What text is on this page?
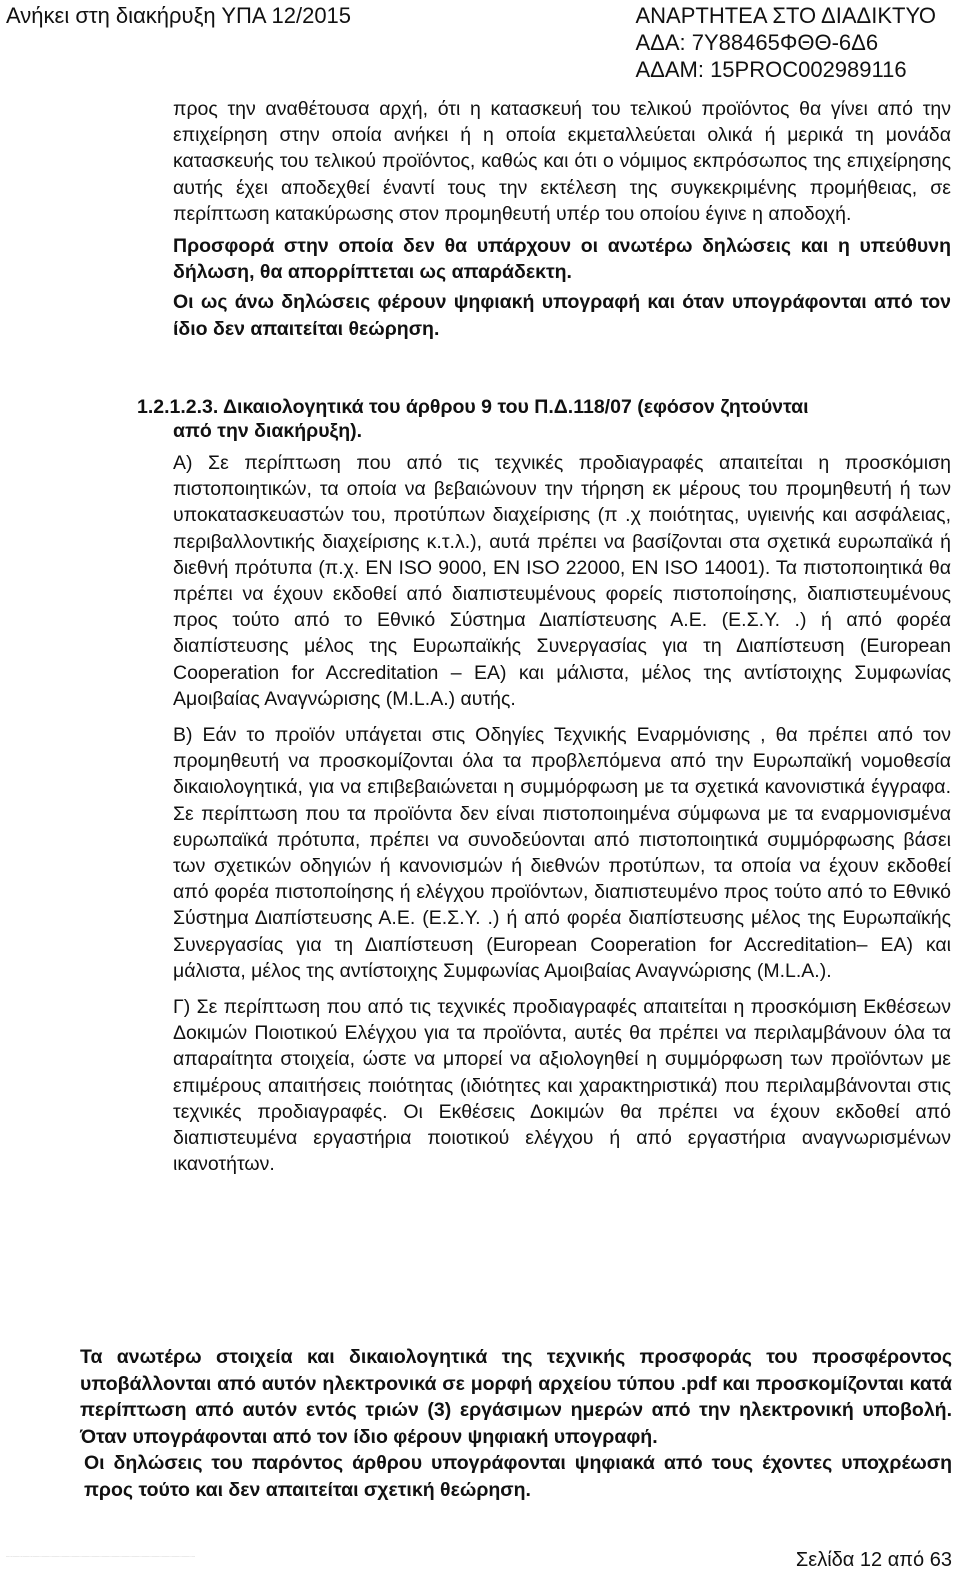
Ανήκει στη διακήρυξη ΥΠΑ 12/2015	ΑΝΑΡΤΗΤΕΑ ΣΤΟ ΔΙΑΔΙΚΤΥΟ
ΑΔΑ: 7Υ88465ΦΘΘ-6Δ6
ΑΔΑΜ: 15PROC002989116

προς την αναθέτουσα αρχή, ότι η κατασκευή του τελικού προϊόντος θα γίνει από την επιχείρηση στην οποία ανήκει ή η οποία εκμεταλλεύεται ολικά ή μερικά τη μονάδα κατασκευής του τελικού προϊόντος, καθώς και ότι ο νόμιμος εκπρόσωπος της επιχείρησης αυτής έχει αποδεχθεί έναντί τους την εκτέλεση της συγκεκριμένης προμήθειας, σε περίπτωση κατακύρωσης στον προμηθευτή υπέρ του οποίου έγινε η αποδοχή.

Προσφορά στην οποία δεν θα υπάρχουν οι ανωτέρω δηλώσεις και η υπεύθυνη δήλωση, θα απορρίπτεται ως απαράδεκτη.

Οι ως άνω δηλώσεις φέρουν ψηφιακή υπογραφή και όταν υπογράφονται από τον ίδιο δεν απαιτείται θεώρηση.

1.2.1.2.3. Δικαιολογητικά του άρθρου 9 του Π.Δ.118/07 (εφόσον ζητούνται
από την διακήρυξη).

Α) Σε περίπτωση που από τις τεχνικές προδιαγραφές απαιτείται η προσκόμιση πιστοποιητικών, τα οποία να βεβαιώνουν την τήρηση εκ μέρους του προμηθευτή ή των υποκατασκευαστών του, προτύπων διαχείρισης (π .χ ποιότητας, υγιεινής και ασφάλειας, περιβαλλοντικής διαχείρισης κ.τ.λ.), αυτά πρέπει να βασίζονται στα σχετικά ευρωπαϊκά ή διεθνή πρότυπα (π.χ. EN ISO 9000, EN ISO 22000, EN ISO 14001). Τα πιστοποιητικά θα πρέπει να έχουν εκδοθεί από διαπιστευμένους φορείς πιστοποίησης, διαπιστευμένους προς τούτο από το Εθνικό Σύστημα Διαπίστευσης Α.Ε. (Ε.Σ.Υ. .) ή από φορέα διαπίστευσης μέλος της Ευρωπαϊκής Συνεργασίας για τη Διαπίστευση (European Cooperation for Accreditation – EA) και μάλιστα, μέλος της αντίστοιχης Συμφωνίας Αμοιβαίας Αναγνώρισης (M.L.A.) αυτής.

Β) Εάν το προϊόν υπάγεται στις Οδηγίες Τεχνικής Εναρμόνισης , θα πρέπει από τον προμηθευτή να προσκομίζονται όλα τα προβλεπόμενα από την Ευρωπαϊκή νομοθεσία δικαιολογητικά, για να επιβεβαιώνεται η συμμόρφωση με τα σχετικά κανονιστικά έγγραφα. Σε περίπτωση που τα προϊόντα δεν είναι πιστοποιημένα σύμφωνα με τα εναρμονισμένα ευρωπαϊκά πρότυπα, πρέπει να συνοδεύονται από πιστοποιητικά συμμόρφωσης βάσει των σχετικών οδηγιών ή κανονισμών ή διεθνών προτύπων, τα οποία να έχουν εκδοθεί από φορέα πιστοποίησης ή ελέγχου προϊόντων, διαπιστευμένο προς τούτο από το Εθνικό Σύστημα Διαπίστευσης Α.Ε. (Ε.Σ.Υ. .) ή από φορέα διαπίστευσης μέλος της Ευρωπαϊκής Συνεργασίας για τη Διαπίστευση (European Cooperation for Accreditation– EA) και μάλιστα, μέλος της αντίστοιχης Συμφωνίας Αμοιβαίας Αναγνώρισης (M.L.A.).

Γ) Σε περίπτωση που από τις τεχνικές προδιαγραφές απαιτείται η προσκόμιση Εκθέσεων Δοκιμών Ποιοτικού Ελέγχου για τα προϊόντα, αυτές θα πρέπει να περιλαμβάνουν όλα τα απαραίτητα στοιχεία, ώστε να μπορεί να αξιολογηθεί η συμμόρφωση των προϊόντων με επιμέρους απαιτήσεις ποιότητας (ιδιότητες και χαρακτηριστικά) που περιλαμβάνονται στις τεχνικές προδιαγραφές. Οι Εκθέσεις Δοκιμών θα πρέπει να έχουν εκδοθεί από διαπιστευμένα εργαστήρια ποιοτικού ελέγχου ή από εργαστήρια αναγνωρισμένων ικανοτήτων.

Τα ανωτέρω στοιχεία και δικαιολογητικά της τεχνικής προσφοράς του προσφέροντος υποβάλλονται από αυτόν ηλεκτρονικά σε μορφή αρχείου τύπου .pdf και προσκομίζονται κατά περίπτωση από αυτόν εντός τριών (3) εργάσιμων ημερών από την ηλεκτρονική υποβολή. Όταν υπογράφονται από τον ίδιο φέρουν ψηφιακή υπογραφή.

Οι δηλώσεις του παρόντος άρθρου υπογράφονται ψηφιακά από τους έχοντες υποχρέωση προς τούτο και δεν απαιτείται σχετική θεώρηση.

..........................................................................................................................................................................	Σελίδα 12 από 63
